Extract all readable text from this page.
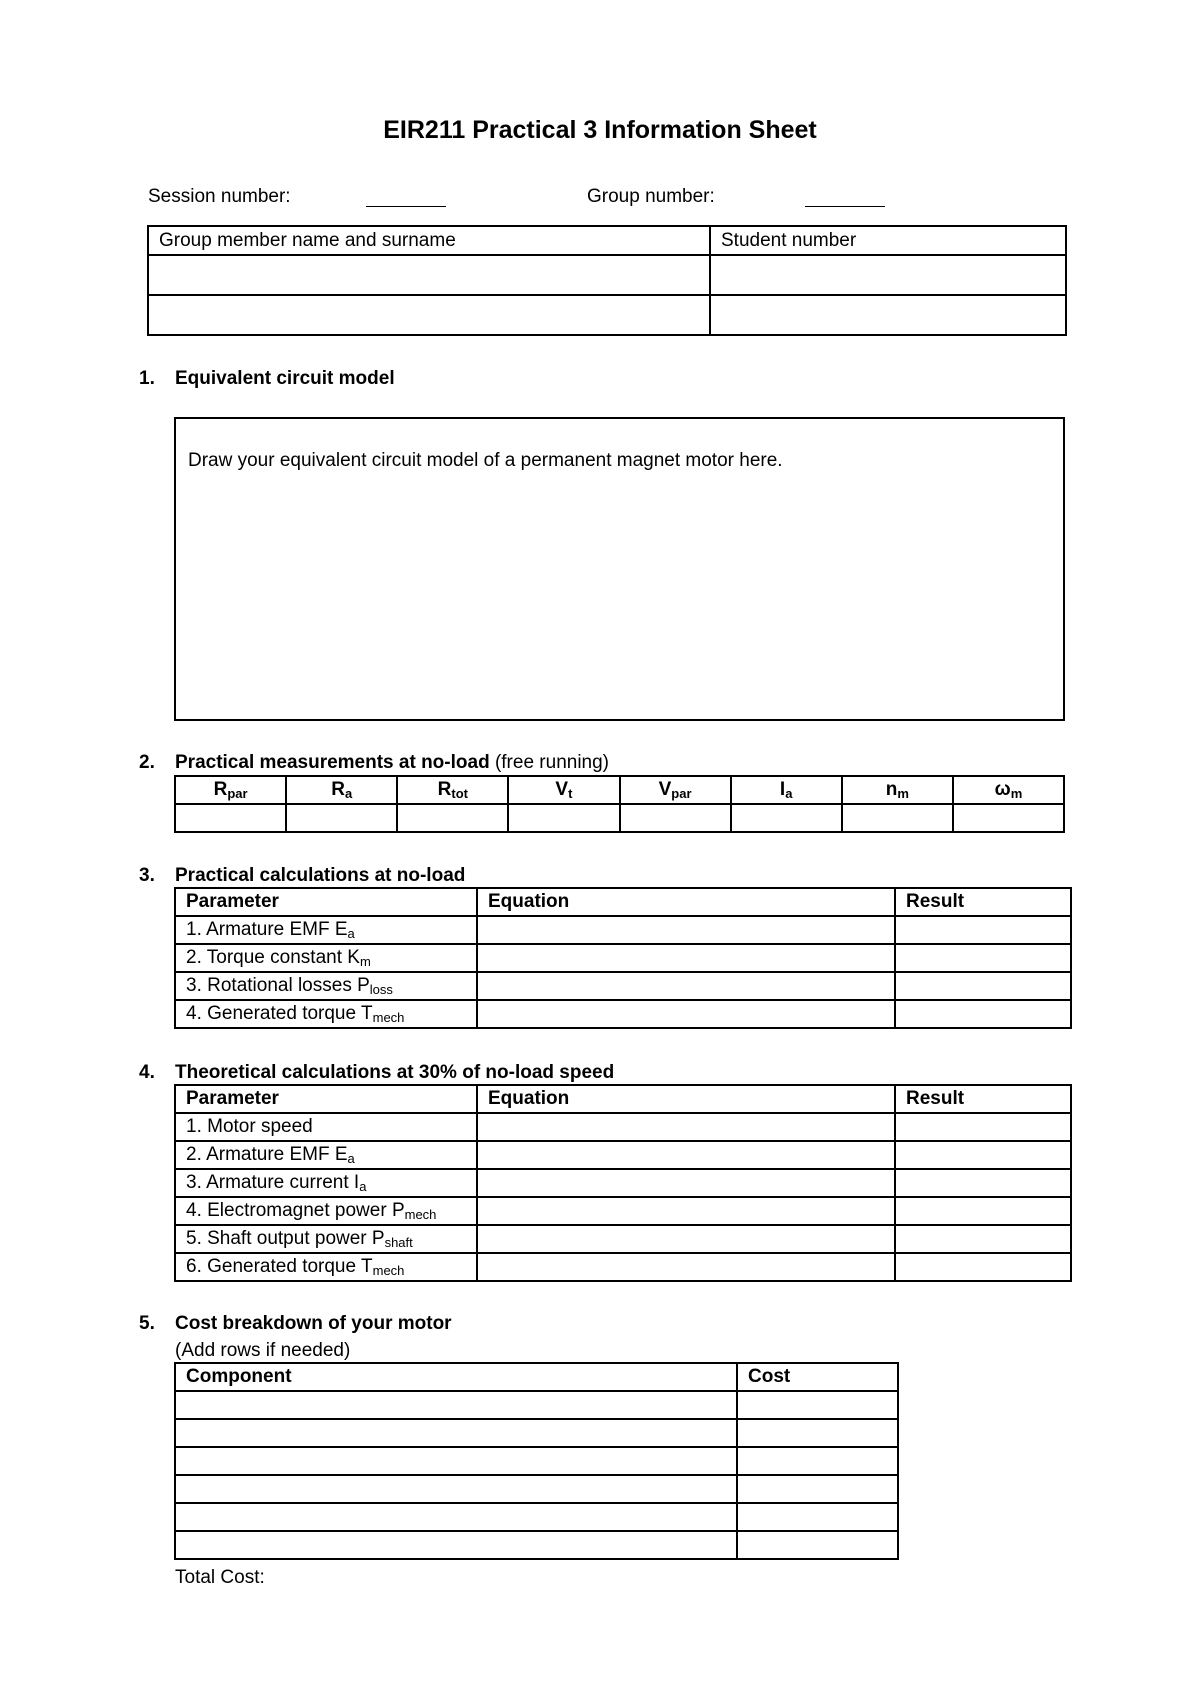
EIR211 Practical 3 Information Sheet
Session number:	Group number:
Group member name and surname	Student number

1. Equivalent circuit model
Draw your equivalent circuit model of a permanent magnet motor here.
2. Practical measurements at no-load (free running)
$R_{par}$	$R_a$	$R_{tot}$	$V_t$	$V_{par}$	$I_a$	$n_m$	$\omega_m$

3. Practical calculations at no-load
Parameter	Equation	Result
1. Armature EMF $E_a$		
2. Torque constant $K_m$		
3. Rotational losses $P_{loss}$		
4. Generated torque $T_{mech}$		
4. Theoretical calculations at 30% of no-load speed
Parameter	Equation	Result
1. Motor speed		
2. Armature EMF $E_a$		
3. Armature current $I_a$		
4. Electromagnet power $P_{mech}$		
5. Shaft output power $P_{shaft}$		
6. Generated torque $T_{mech}$		
5. Cost breakdown of your motor
(Add rows if needed)
Component	Cost

Total Cost:
